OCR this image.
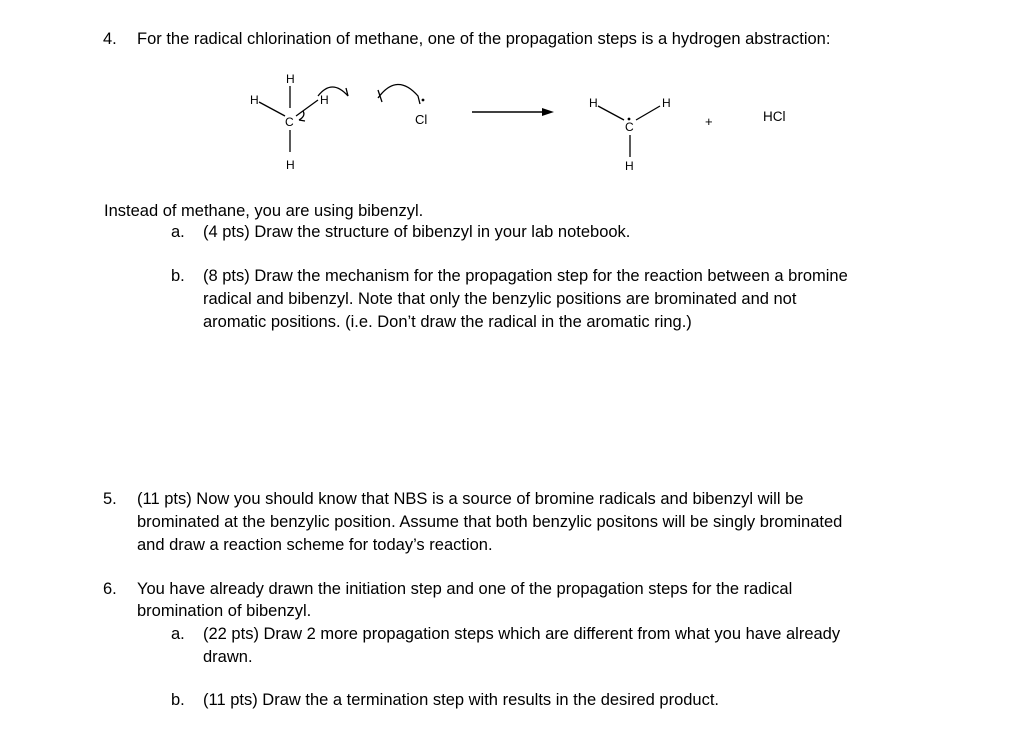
4. For the radical chlorination of methane, one of the propagation steps is a hydrogen abstraction:
H
H
C
H
H
Cl
H
C
H
H
+	HCl
Instead of methane, you are using bibenzyl.
a. (4 pts) Draw the structure of bibenzyl in your lab notebook.
b. (8 pts) Draw the mechanism for the propagation step for the reaction between a bromine
radical and bibenzyl. Note that only the benzylic positions are brominated and not
aromatic positions. (i.e. Don’t draw the radical in the aromatic ring.)
5. (11 pts) Now you should know that NBS is a source of bromine radicals and bibenzyl will be
brominated at the benzylic position. Assume that both benzylic positons will be singly brominated
and draw a reaction scheme for today’s reaction.
6. You have already drawn the initiation step and one of the propagation steps for the radical
bromination of bibenzyl.
a. (22 pts) Draw 2 more propagation steps which are different from what you have already
drawn.
b. (11 pts) Draw the a termination step with results in the desired product.
